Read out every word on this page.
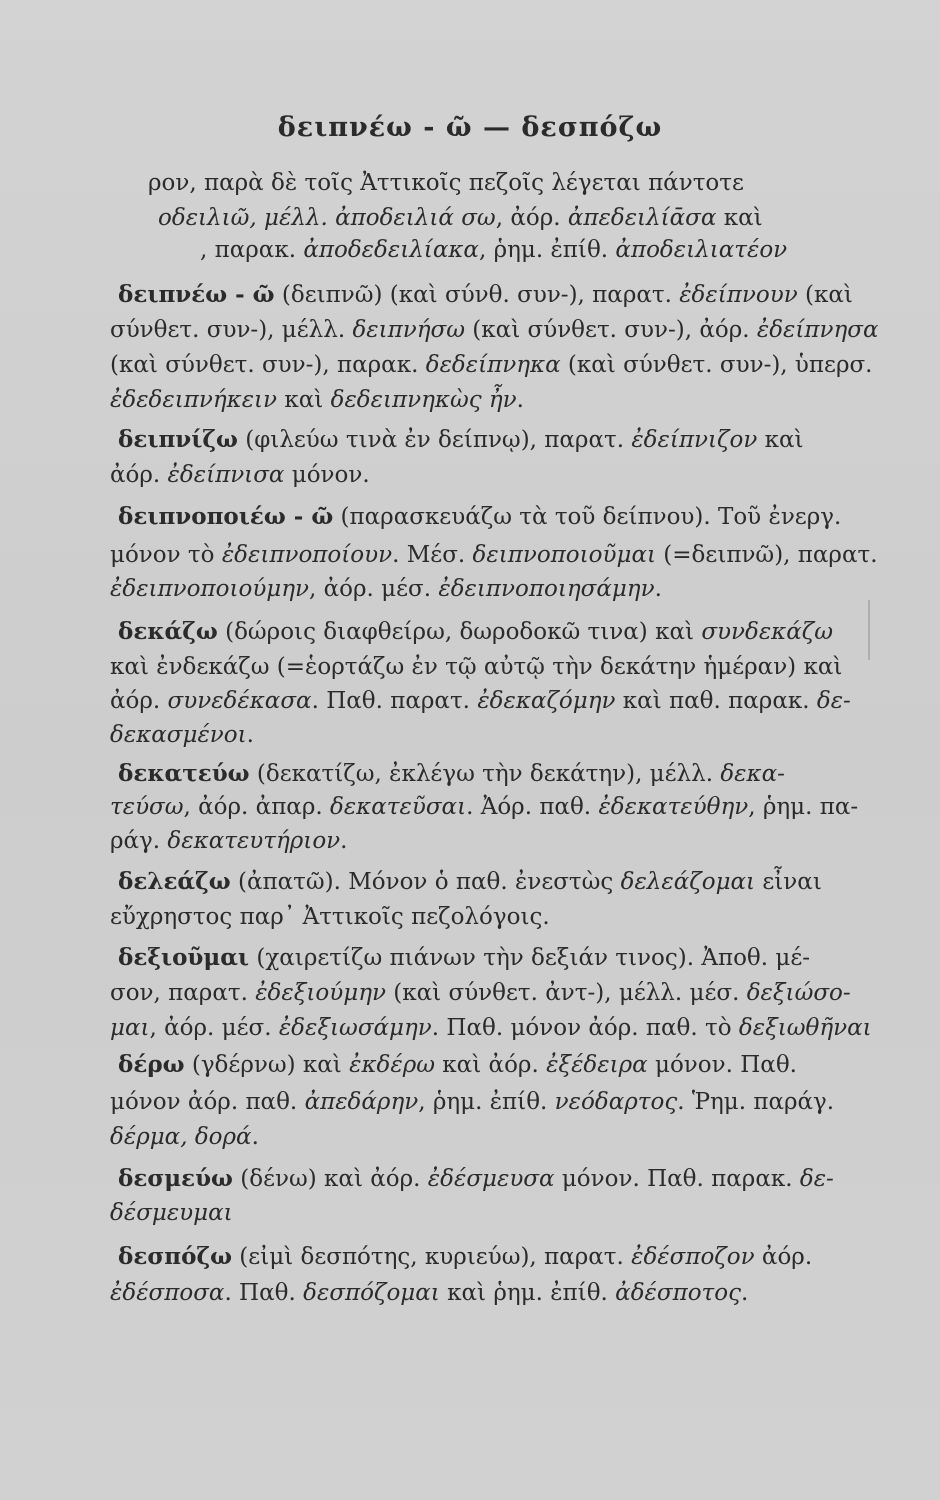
δειπνέω - ῶ — δεσπόζω
ρον, παρὰ δὲ τοῖς Ἀττικοῖς πεζοῖς λέγεται πάντοτε
οδειλιῶ, μέλλ. ἀποδειλιά σω, ἀόρ. ἀπεδειλίᾱσα καὶ
, παρακ. ἀποδεδειλίακα, ῥημ. ἐπίθ. ἀποδειλιατέον
δειπνέω - ῶ (δειπνῶ) (καὶ σύνθ. συν-), παρατ. ἐδείπνουν (καὶ
σύνθετ. συν-), μέλλ. δειπνήσω (καὶ σύνθετ. συν-), ἀόρ. ἐδείπνησα
(καὶ σύνθετ. συν-), παρακ. δεδείπνηκα (καὶ σύνθετ. συν-), ὑπερσ.
ἐδεδειπνήκειν καὶ δεδειπνηκὼς ἦν.
δειπνίζω (φιλεύω τινὰ ἐν δείπνῳ), παρατ. ἐδείπνιζον καὶ
ἀόρ. ἐδείπνισα μόνον.
δειπνοποιέω - ῶ (παρασκευάζω τὰ τοῦ δείπνου). Τοῦ ἐνεργ.
μόνον τὸ ἐδειπνοποίουν. Μέσ. δειπνοποιοῦμαι (=δειπνῶ), παρατ.
ἐδειπνοποιούμην, ἀόρ. μέσ. ἐδειπνοποιησάμην.
δεκάζω (δώροις διαφθείρω, δωροδοκῶ τινα) καὶ συνδεκάζω
καὶ ἐνδεκάζω (=ἑορτάζω ἐν τῷ αὐτῷ τὴν δεκάτην ἡμέραν) καὶ
ἀόρ. συνεδέκασα. Παθ. παρατ. ἐδεκαζόμην καὶ παθ. παρακ. δε-
δεκασμένοι.
δεκατεύω (δεκατίζω, ἐκλέγω τὴν δεκάτην), μέλλ. δεκα-
τεύσω, ἀόρ. ἀπαρ. δεκατεῦσαι. Ἀόρ. παθ. ἐδεκατεύθην, ῥημ. πα-
ράγ. δεκατευτήριον.
δελεάζω (ἀπατῶ). Μόνον ὁ παθ. ἐνεστὼς δελεάζομαι εἶναι
εὔχρηστος παρ᾽ Ἀττικοῖς πεζολόγοις.
δεξιοῦμαι (χαιρετίζω πιάνων τὴν δεξιάν τινος). Ἀποθ. μέ-
σον, παρατ. ἐδεξιούμην (καὶ σύνθετ. ἀντ-), μέλλ. μέσ. δεξιώσο-
μαι, ἀόρ. μέσ. ἐδεξιωσάμην. Παθ. μόνον ἀόρ. παθ. τὸ δεξιωθῆναι
δέρω (γδέρνω) καὶ ἐκδέρω καὶ ἀόρ. ἐξέδειρα μόνον. Παθ.
μόνον ἀόρ. παθ. ἀπεδάρην, ῥημ. ἐπίθ. νεόδαρτος. Ῥημ. παράγ.
δέρμα, δορά.
δεσμεύω (δένω) καὶ ἀόρ. ἐδέσμευσα μόνον. Παθ. παρακ. δε-
δέσμευμαι
δεσπόζω (εἰμὶ δεσπότης, κυριεύω), παρατ. ἐδέσποζον ἀόρ.
ἐδέσποσα. Παθ. δεσπόζομαι καὶ ῥημ. ἐπίθ. ἀδέσποτος.
